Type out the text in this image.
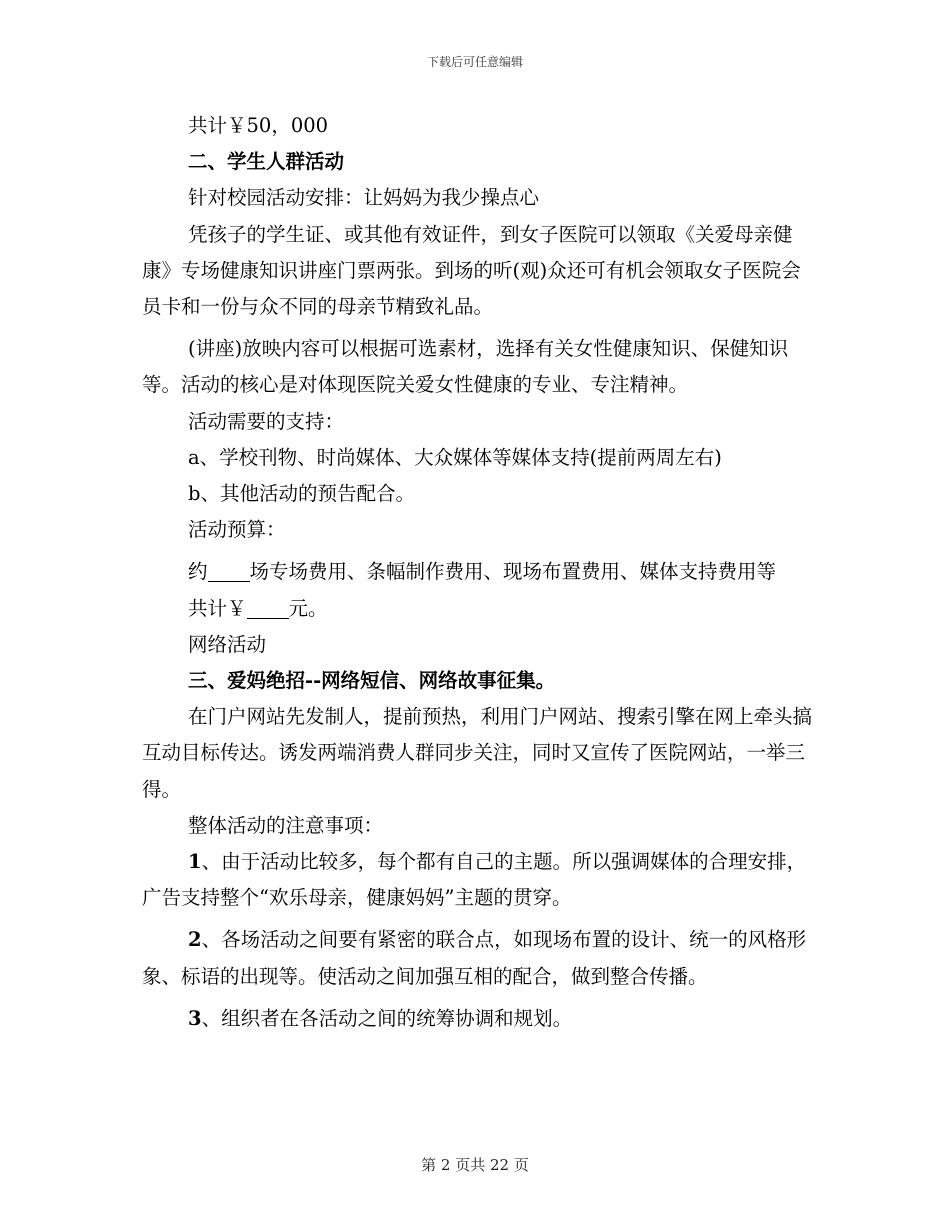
下载后可任意编辑

共计￥50，000

二、学生人群活动

针对校园活动安排：让妈妈为我少操点心

凭孩子的学生证、或其他有效证件，到女子医院可以领取《关爱母亲健康》专场健康知识讲座门票两张。到场的听(观)众还可有机会领取女子医院会员卡和一份与众不同的母亲节精致礼品。

(讲座)放映内容可以根据可选素材，选择有关女性健康知识、保健知识等。活动的核心是对体现医院关爱女性健康的专业、专注精神。

活动需要的支持：

a、学校刊物、时尚媒体、大众媒体等媒体支持(提前两周左右)

b、其他活动的预告配合。

活动预算：

约 场专场费用、条幅制作费用、现场布置费用、媒体支持费用等

共计￥ 元。

网络活动

三、爱妈绝招--网络短信、网络故事征集。

在门户网站先发制人，提前预热，利用门户网站、搜索引擎在网上牵头搞互动目标传达。诱发两端消费人群同步关注，同时又宣传了医院网站，一举三得。

整体活动的注意事项：

1、由于活动比较多，每个都有自己的主题。所以强调媒体的合理安排，广告支持整个“欢乐母亲，健康妈妈”主题的贯穿。

2、各场活动之间要有紧密的联合点，如现场布置的设计、统一的风格形象、标语的出现等。使活动之间加强互相的配合，做到整合传播。

3、组织者在各活动之间的统筹协调和规划。

第 2 页共 22 页
